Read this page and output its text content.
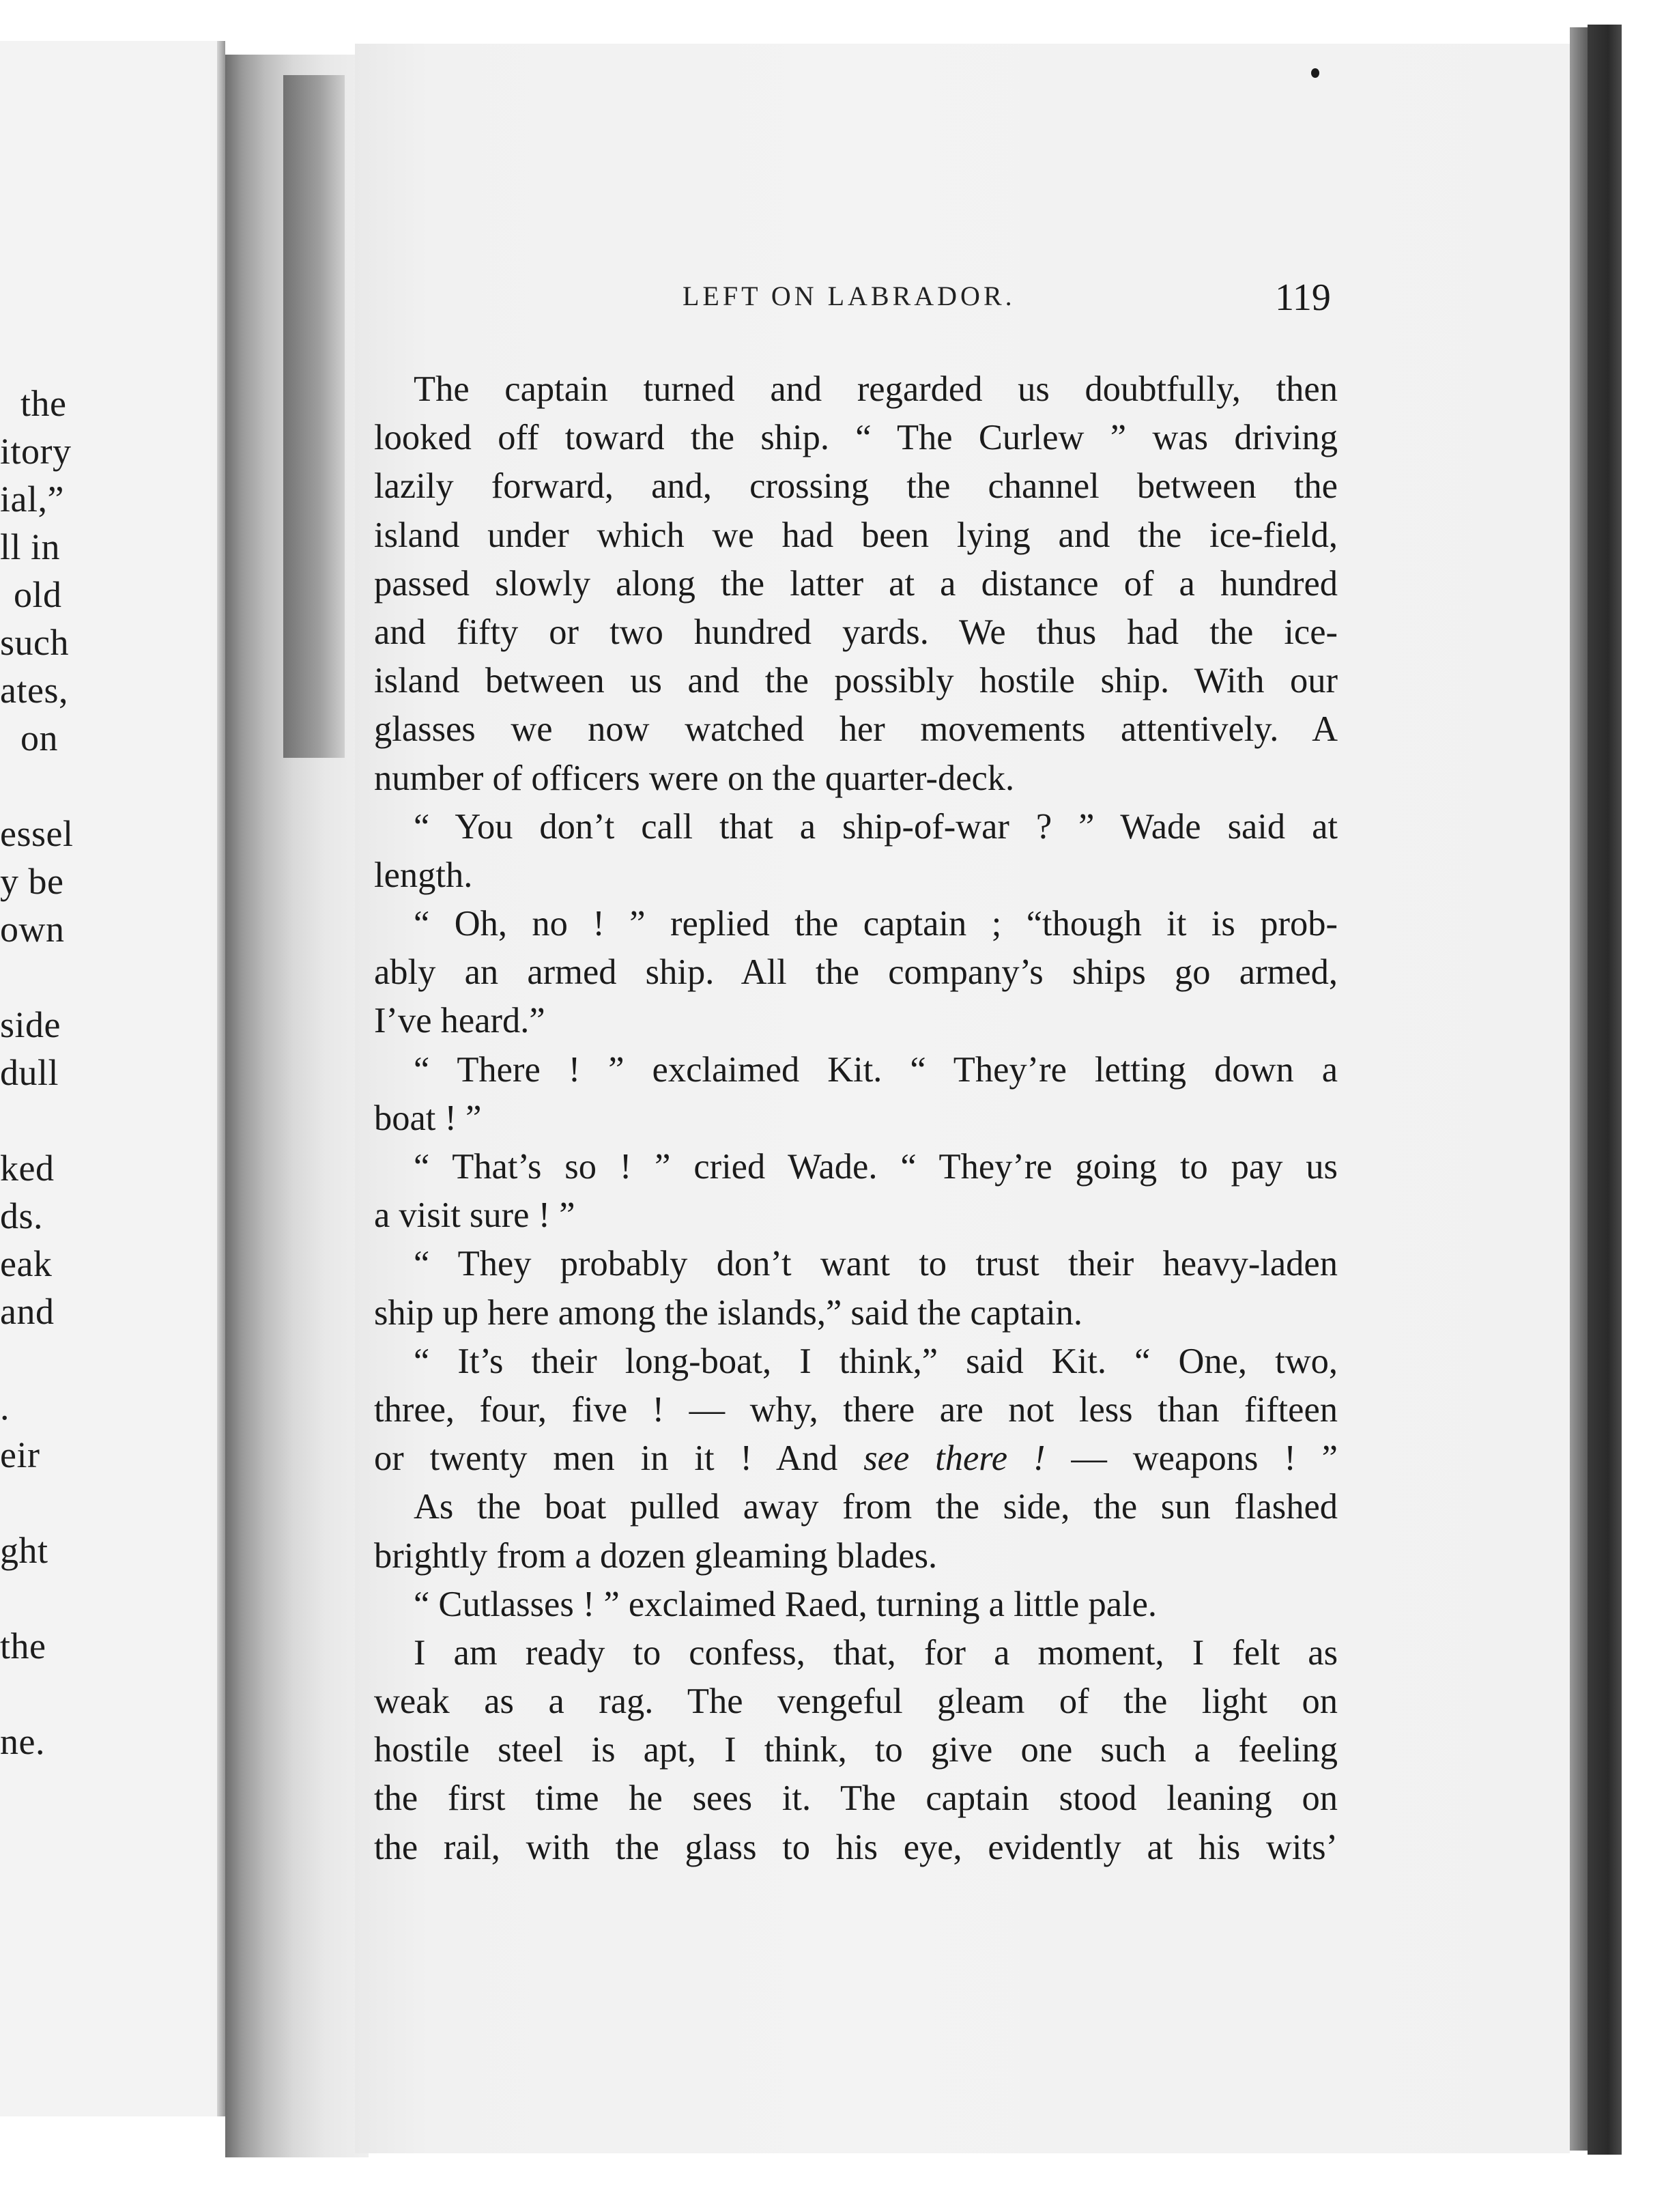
the
itory
ial,”
ll in
old
such
ates,
on
essel
y be
own
side
dull
ked
ds.
eak
and
.
eir
ght
the
ne.
LEFT ON LABRADOR.	119
The captain turned and regarded us doubtfully, then
looked off toward the ship. “ The Curlew ” was driving
lazily forward, and, crossing the channel between the
island under which we had been lying and the ice-field,
passed slowly along the latter at a distance of a hundred
and fifty or two hundred yards. We thus had the ice-
island between us and the possibly hostile ship. With our
glasses we now watched her movements attentively. A
number of officers were on the quarter-deck.
“ You don’t call that a ship-of-war ? ” Wade said at
length.
“ Oh, no ! ” replied the captain ; “though it is prob-
ably an armed ship. All the company’s ships go armed,
I’ve heard.”
“ There ! ” exclaimed Kit. “ They’re letting down a
boat ! ”
“ That’s so ! ” cried Wade. “ They’re going to pay us
a visit sure ! ”
“ They probably don’t want to trust their heavy-laden
ship up here among the islands,” said the captain.
“ It’s their long-boat, I think,” said Kit. “ One, two,
three, four, five ! — why, there are not less than fifteen
or twenty men in it ! And see there ! — weapons ! ”
As the boat pulled away from the side, the sun flashed
brightly from a dozen gleaming blades.
“ Cutlasses ! ” exclaimed Raed, turning a little pale.
I am ready to confess, that, for a moment, I felt as
weak as a rag. The vengeful gleam of the light on
hostile steel is apt, I think, to give one such a feeling
the first time he sees it. The captain stood leaning on
the rail, with the glass to his eye, evidently at his wits’
